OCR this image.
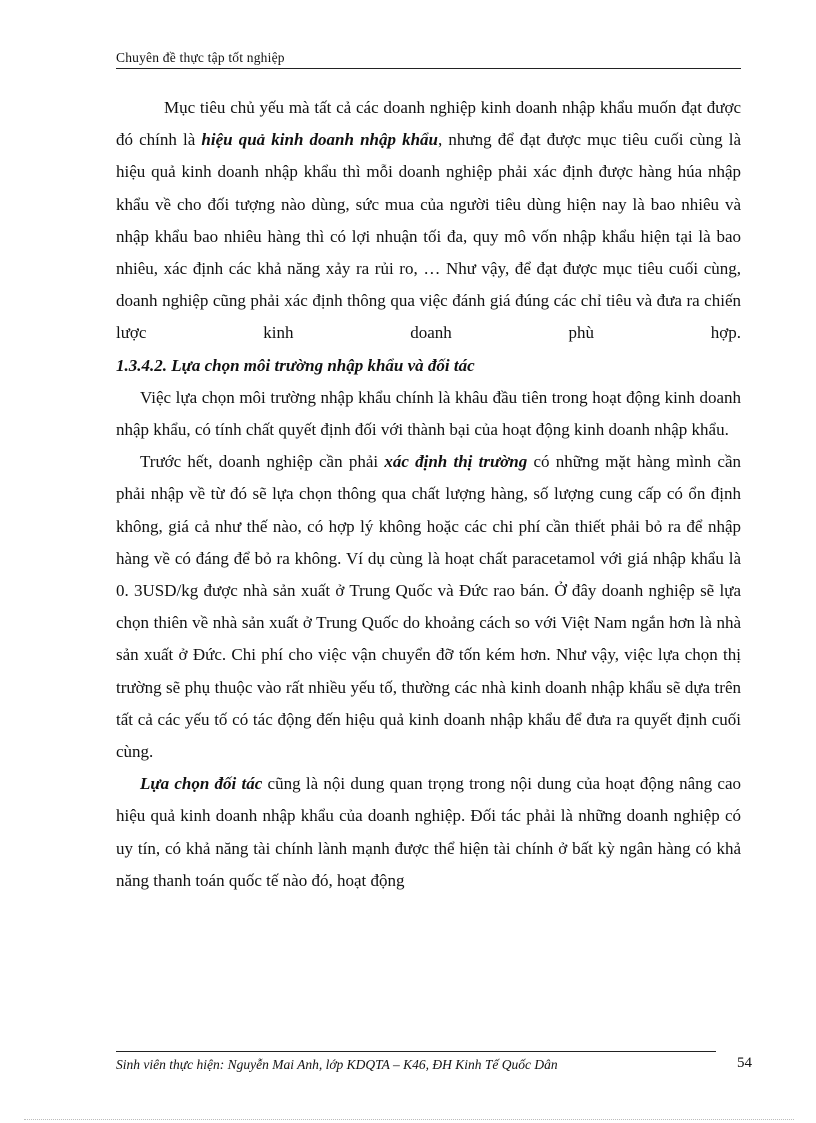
Chuyên đề thực tập tốt nghiệp

Mục tiêu chủ yếu mà tất cả các doanh nghiệp kinh doanh nhập khẩu muốn đạt được đó chính là hiệu quả kinh doanh nhập khẩu, nhưng để đạt được mục tiêu cuối cùng là hiệu quả kinh doanh nhập khẩu thì mỗi doanh nghiệp phải xác định được hàng húa nhập khẩu về cho đối tượng nào dùng, sức mua của người tiêu dùng hiện nay là bao nhiêu và nhập khẩu bao nhiêu hàng thì có lợi nhuận tối đa, quy mô vốn nhập khẩu hiện tại là bao nhiêu, xác định các khả năng xảy ra rủi ro, … Như vậy, để đạt được mục tiêu cuối cùng, doanh nghiệp cũng phải xác định thông qua việc đánh giá đúng các chỉ tiêu và đưa ra chiến lược kinh doanh phù hợp.

1.3.4.2. Lựa chọn môi trường nhập khẩu và đối tác

Việc lựa chọn môi trường nhập khẩu chính là khâu đầu tiên trong hoạt động kinh doanh nhập khẩu, có tính chất quyết định đối với thành bại của hoạt động kinh doanh nhập khẩu.

Trước hết, doanh nghiệp cần phải xác định thị trường có những mặt hàng mình cần phải nhập về từ đó sẽ lựa chọn thông qua chất lượng hàng, số lượng cung cấp có ổn định không, giá cả như thế nào, có hợp lý không hoặc các chi phí cần thiết phải bỏ ra để nhập hàng về có đáng để bỏ ra không. Ví dụ cùng là hoạt chất paracetamol với giá nhập khẩu là 0. 3USD/kg được nhà sản xuất ở Trung Quốc và Đức rao bán. Ở đây doanh nghiệp sẽ lựa chọn thiên về nhà sản xuất ở Trung Quốc do khoảng cách so với Việt Nam ngắn hơn là nhà sản xuất ở Đức. Chi phí cho việc vận chuyển đỡ tốn kém hơn. Như vậy, việc lựa chọn thị trường sẽ phụ thuộc vào rất nhiều yếu tố, thường các nhà kinh doanh nhập khẩu sẽ dựa trên tất cả các yếu tố có tác động đến hiệu quả kinh doanh nhập khẩu để đưa ra quyết định cuối cùng.

Lựa chọn đối tác cũng là nội dung quan trọng trong nội dung của hoạt động nâng cao hiệu quả kinh doanh nhập khẩu của doanh nghiệp. Đối tác phải là những doanh nghiệp có uy tín, có khả năng tài chính lành mạnh được thể hiện tài chính ở bất kỳ ngân hàng có khả năng thanh toán quốc tế nào đó, hoạt động

Sinh viên thực hiện: Nguyễn Mai Anh, lớp KDQTA – K46, ĐH Kinh Tế Quốc Dân	54
